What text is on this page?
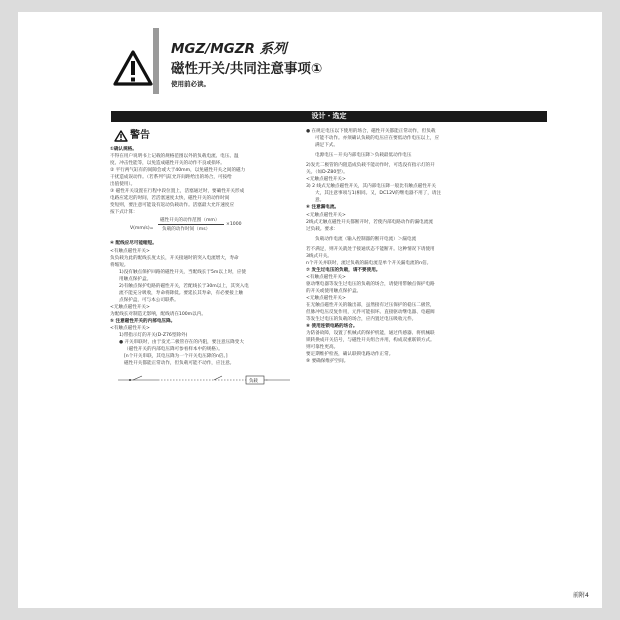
MGZ/MGZR 系列
磁性开关/共同注意事项①
使用前必读。
设计・选定
警告
①确认规格。
不得在用户说明书上记载的规格范围以外的负载电流、电压、温
度、冲击性能等，以免造成磁性开关的动作不良或损坏。
② 平行两气缸有的间隙会或大于40mm，以免磁性开关之间的磁力
干扰造成误动作。（若系列气缸允许间距给出的场合，可按给
出值使用）。
③ 磁性开关设置在行程中段位置上，活塞通过时，要确性开关形成
电路应延迟的时间，若活塞速度太快，磁性开关的动作时间
变短则，要注意可能设有返动负载动作。活塞最大允许速度应
按下式计算：
V(mm/s)=
磁性开关的动作范围（mm）
负载的动作时间（ms）
×1000
④ 配线应尽可能缩短。
<有触点磁性开关>
负负载为此的配线长度太长，开关接通时的突入电流增大，寿命
将缩短。
1)没有触点保护回路的磁性开关，当配线长于5m以上时，应使
用触点保护盒。
2)有触点保护电路的磁性开关，若配线长于30m以上，其突入电
流不能充分吸收，寿命将降低。要延长其寿命，有必要接上触
点保护盒，可与本公司联系。
<无触点磁性开关>
为配线长对制造无影响，配线请在100m以内。
⑤ 注意磁性开关的内部电压降。
<有触点磁性开关>
1)带指示灯的开关(D-Z76型除外)
● 开关串联时，由于发光二极管存在的内阻，要注意压降变大
（磁性开关的内部电压降可参看样本中的规格）。
[n个开关串联，其电压降为一个开关电压降的n倍。]
磁性开关都能正常动作，但负载可能不动作，应注意。
负载
● 在规定电压以下使用的场合，磁性开关都能正常动作，但负载
可能不动作。亦须确认负载的电压应在要低动作电压以上，应
满足下式。
电源电压－开关内部电压降＞负载最低动作电压
2)发光二极管的内阻造成负载不能动作时，可选没有指示灯的开
关。（如D-Z80型）。
<无触点磁性开关>
3) 2 线式无触点磁性开关，其内部电压降一般比有触点磁性开关
大，其注意事项与1)相同。又，DC12V的继电器不用了，请注
意。
⑥ 注意漏电流。
<无触点磁性开关>
2线式无触点磁性开关都断开时，若使内部电路动作的漏电流流
过负载。要求：
负载动作电流（输入控制器的断开电流）＞漏电流
若不满足，则开关就处于接通状态不能断开。这种情况下请使用
3线式开关。
n个开关并联时，流过负载的漏电流是单个开关漏电流的n倍。
⑦ 发生过电压的负载，请不要使用。
<有触点磁性开关>
驱动继电器等发生过电压的负载的场合，请使用带触点保护电路
的开关或使用触点保护盒。
<无触点磁性开关>
在无触点磁性开关的输出部，虽然接有过压保护的稳压二极管，
但脉冲电压反复作用，元件可能损坏。直接驱动继电器、电磁阀
等发生过电压的负载的场合，应内置过电压吸收元件。
⑧ 使用连锁电路的场合。
为防备故障，设置了机械式的保护机能，通过传感器、将机械联
锁转换成开关信号，与磁性开关组合并用，构成双重联锁方式。
则可靠性更高。
要定期维护检查，确认联锁电路动作正常。
⑨ 要确保维护空间。
前附4
